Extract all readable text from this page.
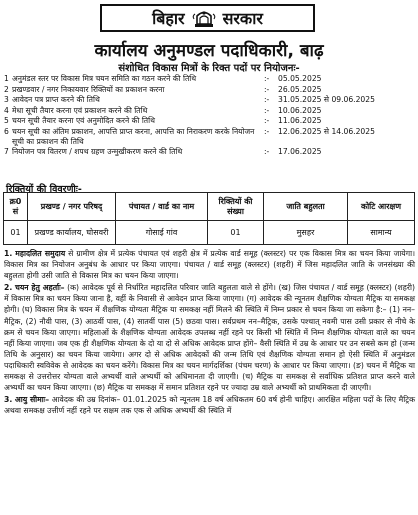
बिहार सरकार
कार्यालय अनुमण्डल पदाधिकारी, बाढ़
संशोधित विकास मित्रों के रिक्त पदों पर नियोजनः-
1 अनुमंडल स्तर पर विकास मित्र चयन समिति का गठन करने की तिथि	:-	05.05.2025
2 प्रखण्डवार / नगर निकायवार रिक्तियों का प्रकाशन करना	:-	26.05.2025
3 आवेदन पत्र प्राप्त करने की तिथि	:-	31.05.2025 से 09.06.2025
4 मेधा सूची तैयार करना एवं प्रकाशन करने की तिथि	:-	10.06.2025
5 चयन सूची तैयार करना एवं अनुमोदित करने की तिथि	:-	11.06.2025
6 चयन सूची का अंतिम प्रकाशन, आपत्ति प्राप्त करना, आपत्ति का निराकरण करके नियोजन सूची का प्रकाशन की तिथि
:-	12.06.2025 से 14.06.2025
7 नियोजन पत्र वितरण / शपथ ग्रहण उन्मुखीकरण करने की तिथि	:-	17.06.2025
रिक्तियों की विवरणीः-
क्र0 सं	प्रखण्ड / नगर परिषद्	पंचायत / वार्ड का नाम	रिक्तियों की संख्या	जाति बहुलता	कोटि आरक्षण
01	प्रखण्ड कार्यालय, घोसवरी	गोसाई गांव	01	मुसहर	सामान्य

1. महादलित समुदाय से ग्रामीण क्षेत्र में प्रत्येक पंचायत एवं शहरी क्षेत्र में प्रत्येक वार्ड समूह (क्लस्टर) पर एक विकास मित्र का चयन किया जायेगा। विकास मित्र का नियोजन अनुबंध के आधार पर किया जाएगा। पंचायत / वार्ड समूह (क्लस्टर) (शहरी) में जिस महादलित जाति के जनसंख्या की बहुलता होगी उसी जाति से विकास मित्र का चयन किया जाएगा।

2. चयन हेतु अहर्ताः– (क) आवेदक पूर्व से निर्धारित महादलित परिवार जाति बहुलता वाले से होंगे। (ख) जिस पंचायत / वार्ड समूह (क्लस्टर) (शहरी) में विकास मित्र का चयन किया जाना है, वहीं के निवासी से आवेदन प्राप्त किया जाएगा। (ग) आवेदक की न्यूनतम शैक्षणिक योग्यता मैट्रिक या समकक्ष होगी। (घ) विकास मित्र के चयन में शैक्षणिक योग्यता मैट्रिक या समकक्ष नहीं मिलने की स्थिति में निम्न प्रकार से चयन किया जा सकेगा है:– (1) नन–मैट्रिक, (2) नौवी पास, (3) आठवीं पास, (4) सातवीं पास (5) छठवा पास। सर्वप्रथम नन–मैट्रिक, उसके पश्चात् नवमी पास उसी प्रकार से नीचे के क्रम से चयन किया जाएगा। महिलाओं के शैक्षणिक योग्यता आवेदक उपलब्ध नहीं रहने पर किसी भी स्थिति में निम्न शैक्षणिक योग्यता वाले का चयन नहीं किया जाएगा। जब एक ही शैक्षणिक योग्यता के दो या दो से अधिक आवेदक प्राप्त होंगे– वैसी स्थिति में उम्र के आधार पर उन सबसे कम हो (जन्म तिथि के अनुसार) का चयन किया जायेगा। अगर दो से अधिक आवेदकों की जन्म तिथि एवं शैक्षणिक योग्यता समान हो ऐसी स्थिति में अनुमंडल पदाधिकारी स्वविवेक से आवेदक का चयन करेंगे। विकास मित्र का चयन मार्गदर्शिका (पंचम चरण) के आधार पर किया जाएगा। (ङ) चयन में मैट्रिक या समकक्ष से उत्तरोत्तर योग्यता वाले अभ्यर्थी वाले अभ्यर्थी को अधिमानता दी जाएगी। (च) मैट्रिक या समकक्ष से सर्वाधिक प्रतिशत प्राप्त करने वाले अभ्यर्थी का चयन किया जाएगा। (छ) मैट्रिक या समकक्ष में समान प्रतिशत रहने पर ज्यादा उम्र वाले अभ्यर्थी को प्राथमिकता दी जाएगी।

3. आयु सीमाः– आवेदक की उम्र दिनांक– 01.01.2025 को न्यूनतम 18 वर्ष अधिकतम 60 वर्ष होनी चाहिए। आरक्षित महिला पदों के लिए मैट्रिक अथवा समकक्ष उत्तीर्ण नहीं रहने पर सक्षम तक एक से अधिक अभ्यर्थी की स्थिति में
